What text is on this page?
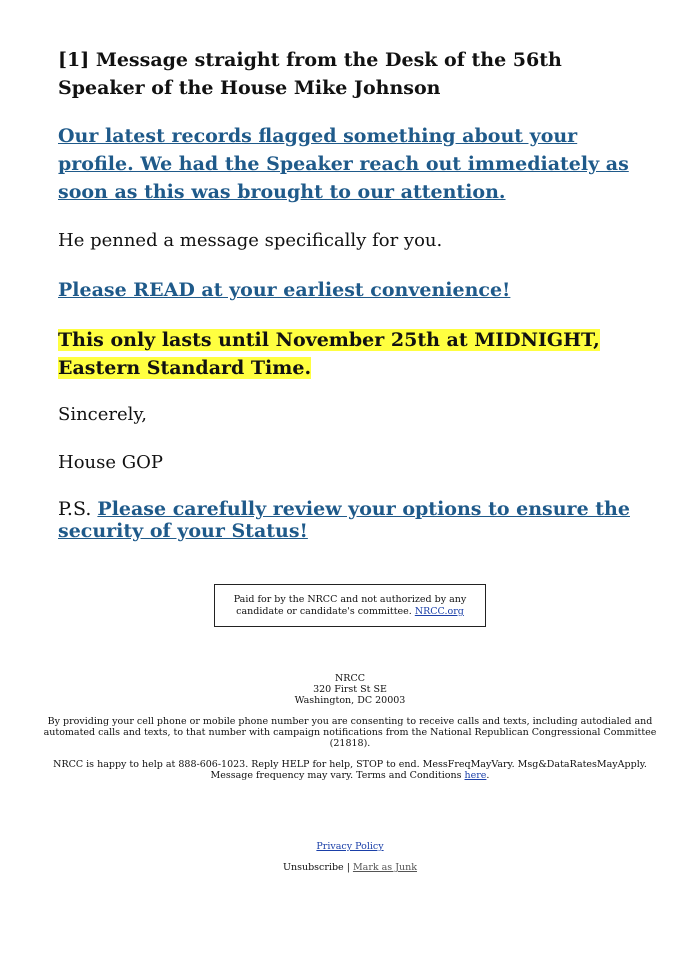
[1] Message straight from the Desk of the 56th Speaker of the House Mike Johnson

Our latest records flagged something about your profile. We had the Speaker reach out immediately as soon as this was brought to our attention.

He penned a message specifically for you.

Please READ at your earliest convenience!

This only lasts until November 25th at MIDNIGHT, Eastern Standard Time.

Sincerely,

House GOP

P.S. Please carefully review your options to ensure the security of your Status!

Paid for by the NRCC and not authorized by any candidate or candidate's committee. NRCC.org

NRCC
320 First St SE
Washington, DC 20003

By providing your cell phone or mobile phone number you are consenting to receive calls and texts, including autodialed and automated calls and texts, to that number with campaign notifications from the National Republican Congressional Committee (21818).

NRCC is happy to help at 888-606-1023. Reply HELP for help, STOP to end. MessFreqMayVary. Msg&DataRatesMayApply. Message frequency may vary. Terms and Conditions here.

Privacy Policy

Unsubscribe | Mark as Junk
